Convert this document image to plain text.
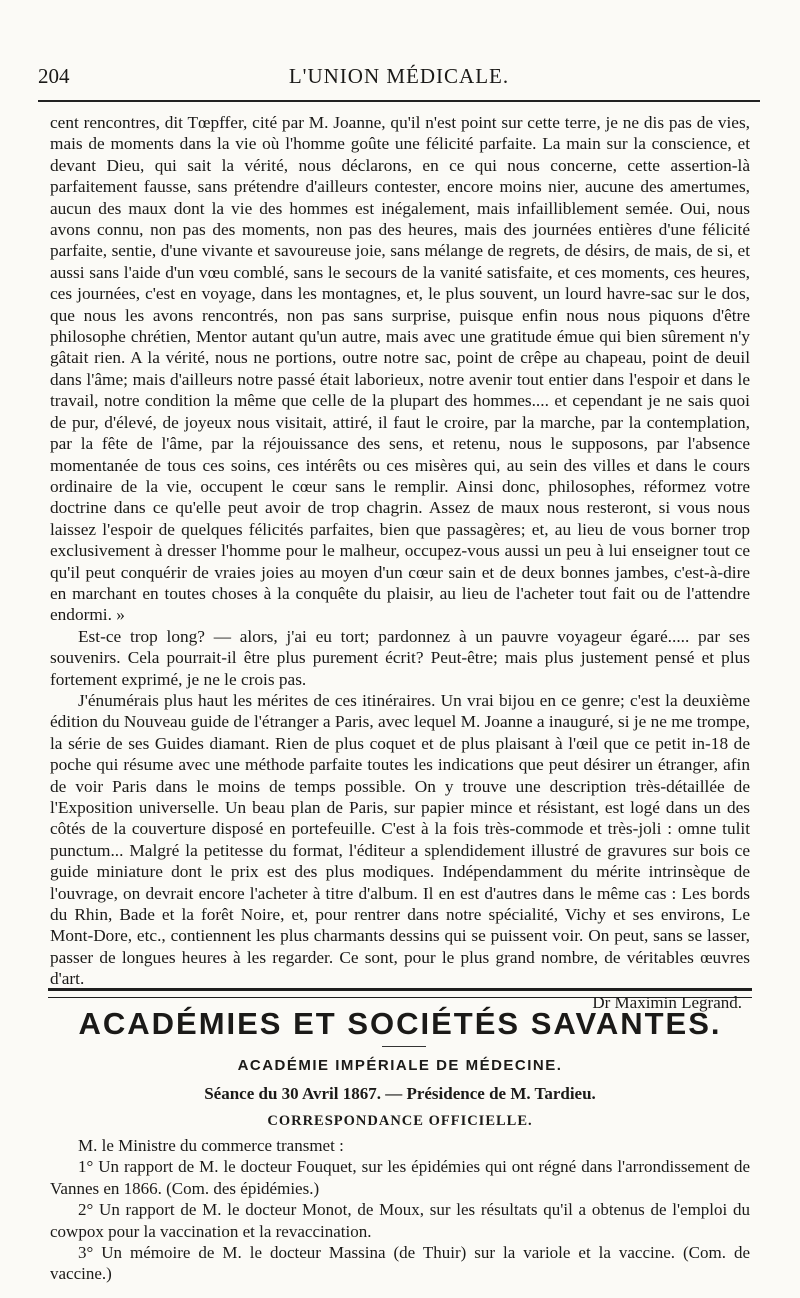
204	L'UNION MÉDICALE.

cent rencontres, dit Tœpffer, cité par M. Joanne, qu'il n'est point sur cette terre, je ne dis pas de vies, mais de moments dans la vie où l'homme goûte une félicité parfaite. La main sur la conscience, et devant Dieu, qui sait la vérité, nous déclarons, en ce qui nous concerne, cette assertion-là parfaitement fausse, sans prétendre d'ailleurs contester, encore moins nier, aucune des amertumes, aucun des maux dont la vie des hommes est inégalement, mais infailliblement semée. Oui, nous avons connu, non pas des moments, non pas des heures, mais des journées entières d'une félicité parfaite, sentie, d'une vivante et savoureuse joie, sans mélange de regrets, de désirs, de mais, de si, et aussi sans l'aide d'un vœu comblé, sans le secours de la vanité satisfaite, et ces moments, ces heures, ces journées, c'est en voyage, dans les montagnes, et, le plus souvent, un lourd havre-sac sur le dos, que nous les avons rencontrés, non pas sans surprise, puisque enfin nous nous piquons d'être philosophe chrétien, Mentor autant qu'un autre, mais avec une gratitude émue qui bien sûrement n'y gâtait rien. A la vérité, nous ne portions, outre notre sac, point de crêpe au chapeau, point de deuil dans l'âme; mais d'ailleurs notre passé était laborieux, notre avenir tout entier dans l'espoir et dans le travail, notre condition la même que celle de la plupart des hommes.... et cependant je ne sais quoi de pur, d'élevé, de joyeux nous visitait, attiré, il faut le croire, par la marche, par la contemplation, par la fête de l'âme, par la réjouissance des sens, et retenu, nous le supposons, par l'absence momentanée de tous ces soins, ces intérêts ou ces misères qui, au sein des villes et dans le cours ordinaire de la vie, occupent le cœur sans le remplir. Ainsi donc, philosophes, réformez votre doctrine dans ce qu'elle peut avoir de trop chagrin. Assez de maux nous resteront, si vous nous laissez l'espoir de quelques félicités parfaites, bien que passagères; et, au lieu de vous borner trop exclusivement à dresser l'homme pour le malheur, occupez-vous aussi un peu à lui enseigner tout ce qu'il peut conquérir de vraies joies au moyen d'un cœur sain et de deux bonnes jambes, c'est-à-dire en marchant en toutes choses à la conquête du plaisir, au lieu de l'acheter tout fait ou de l'attendre endormi. »

Est-ce trop long? — alors, j'ai eu tort; pardonnez à un pauvre voyageur égaré..... par ses souvenirs. Cela pourrait-il être plus purement écrit? Peut-être; mais plus justement pensé et plus fortement exprimé, je ne le crois pas.

J'énumérais plus haut les mérites de ces itinéraires. Un vrai bijou en ce genre; c'est la deuxième édition du Nouveau guide de l'étranger a Paris, avec lequel M. Joanne a inauguré, si je ne me trompe, la série de ses Guides diamant. Rien de plus coquet et de plus plaisant à l'œil que ce petit in-18 de poche qui résume avec une méthode parfaite toutes les indications que peut désirer un étranger, afin de voir Paris dans le moins de temps possible. On y trouve une description très-détaillée de l'Exposition universelle. Un beau plan de Paris, sur papier mince et résistant, est logé dans un des côtés de la couverture disposé en portefeuille. C'est à la fois très-commode et très-joli : omne tulit punctum... Malgré la petitesse du format, l'éditeur a splendidement illustré de gravures sur bois ce guide miniature dont le prix est des plus modiques. Indépendamment du mérite intrinsèque de l'ouvrage, on devrait encore l'acheter à titre d'album. Il en est d'autres dans le même cas : Les bords du Rhin, Bade et la forêt Noire, et, pour rentrer dans notre spécialité, Vichy et ses environs, Le Mont-Dore, etc., contiennent les plus charmants dessins qui se puissent voir. On peut, sans se lasser, passer de longues heures à les regarder. Ce sont, pour le plus grand nombre, de véritables œuvres d'art.

Dr Maximin Legrand.
ACADÉMIES ET SOCIÉTÉS SAVANTES.
ACADÉMIE IMPÉRIALE DE MÉDECINE.
Séance du 30 Avril 1867. — Présidence de M. Tardieu.
CORRESPONDANCE OFFICIELLE.

M. le Ministre du commerce transmet :

1° Un rapport de M. le docteur Fouquet, sur les épidémies qui ont régné dans l'arrondissement de Vannes en 1866. (Com. des épidémies.)

2° Un rapport de M. le docteur Monot, de Moux, sur les résultats qu'il a obtenus de l'emploi du cowpox pour la vaccination et la revaccination.

3° Un mémoire de M. le docteur Massina (de Thuir) sur la variole et la vaccine. (Com. de vaccine.)
